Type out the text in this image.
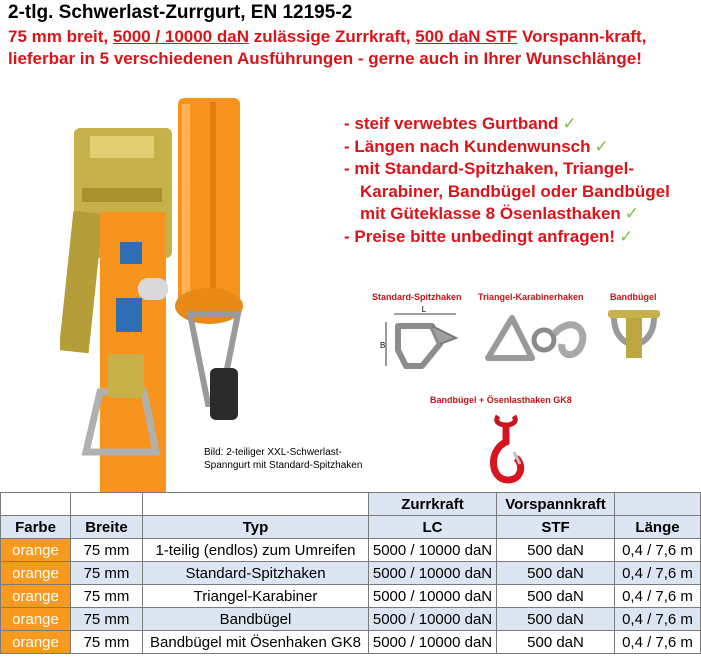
2-tlg. Schwerlast-Zurrgurt, EN 12195-2
75 mm breit, 5000 / 10000 daN zulässige Zurrkraft, 500 daN STF Vorspann-kraft, lieferbar in 5 verschiedenen Ausführungen - gerne auch in Ihrer Wunschlänge!
- steif verwebtes Gurtband ✓
- Längen nach Kundenwunsch ✓
- mit Standard-Spitzhaken, Triangel-Karabiner, Bandbügel oder Bandbügel mit Güteklasse 8 Ösenlasthaken ✓
- Preise bitte unbedingt anfragen! ✓
Bild: 2-teiliger XXL-Schwerlast-Spanngurt mit Standard-Spitzhaken
Standard-Spitzhaken Triangel-Karabinerhaken	Bandbügel
Bandbügel + Ösenlasthaken GK8
L
B
			Zurrkraft	Vorspannkraft	
Farbe	Breite	Typ	LC	STF	Länge
orange	75 mm	1-teilig (endlos) zum Umreifen	5000 / 10000 daN	500 daN	0,4 / 7,6 m
orange	75 mm	Standard-Spitzhaken	5000 / 10000 daN	500 daN	0,4 / 7,6 m
orange	75 mm	Triangel-Karabiner	5000 / 10000 daN	500 daN	0,4 / 7,6 m
orange	75 mm	Bandbügel	5000 / 10000 daN	500 daN	0,4 / 7,6 m
orange	75 mm	Bandbügel mit Ösenhaken GK8	5000 / 10000 daN	500 daN	0,4 / 7,6 m
